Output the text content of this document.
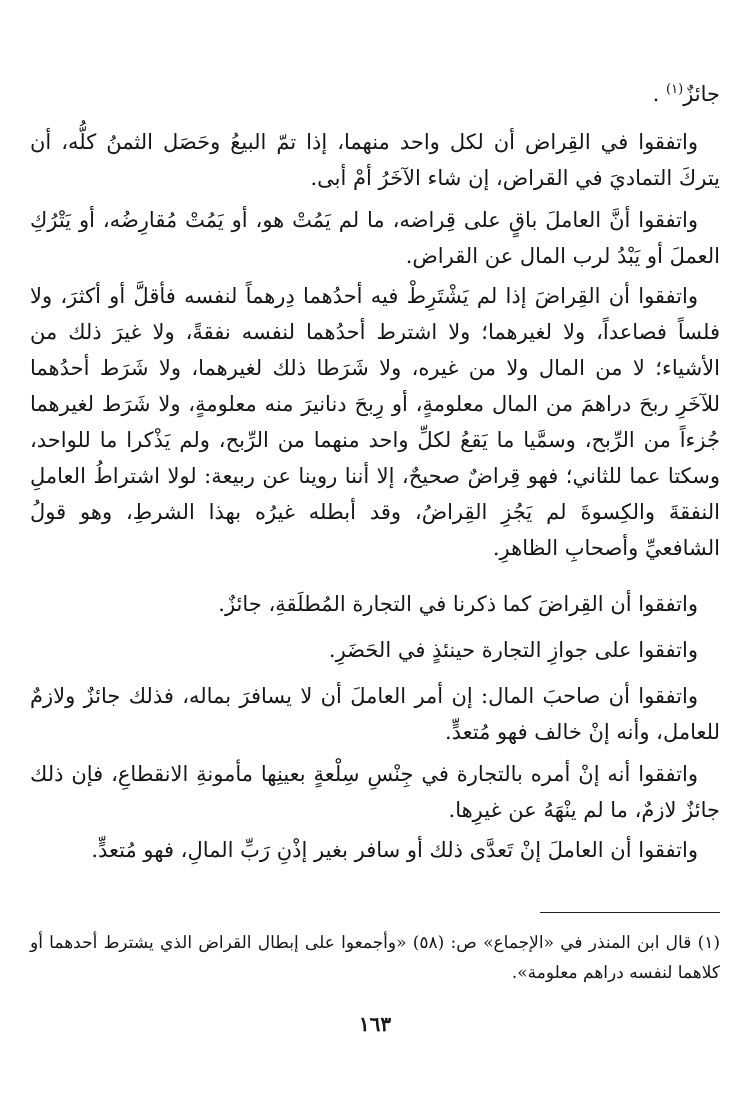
جائزٌ$^{(١)}$ .

واتفقوا في القِراض أن لكل واحد منهما، إذا تمّ البيعُ وحَصَل الثمنُ كلُّه، أن يتركَ التماديَ في القراض، إن شاء الآخَرُ أمْ أبى.

واتفقوا أنَّ العاملَ باقٍ على قِراضه، ما لم يَمُتْ هو، أو يَمُتْ مُقارِضُه، أو يَتْرُكِ العملَ أو يَبْدُ لرب المال عن القراض.

واتفقوا أن القِراضَ إذا لم يَشْتَرِطْ فيه أحدُهما دِرهماً لنفسه فأقلَّ أو أكثرَ، ولا فلساً فصاعداً، ولا لغيرهما؛ ولا اشترط أحدُهما لنفسه نفقةً، ولا غيرَ ذلك من الأشياء؛ لا من المال ولا من غيره، ولا شَرَطا ذلك لغيرهما، ولا شَرَط أحدُهما للآخَرِ ربحَ دراهمَ من المال معلومةٍ، أو رِبحَ دنانيرَ منه معلومةٍ، ولا شَرَط لغيرهما جُزءاً من الرِّبح، وسمَّيا ما يَقعُ لكلِّ واحد منهما من الرِّبح، ولم يَذْكرا ما للواحد، وسكتا عما للثاني؛ فهو قِراضٌ صحيحٌ، إلا أننا روينا عن ربيعة: لولا اشتراطُ العاملِ النفقةَ والكِسوةَ لم يَجُزِ القِراضُ، وقد أبطله غيرُه بهذا الشرطِ، وهو قولُ الشافعيِّ وأصحابِ الظاهرِ.

واتفقوا أن القِراضَ كما ذكرنا في التجارة المُطلَقةِ، جائزٌ.

واتفقوا على جوازِ التجارة حينئذٍ في الحَضَرِ.

واتفقوا أن صاحبَ المال: إن أمر العاملَ أن لا يسافرَ بماله، فذلك جائزٌ ولازمٌ للعامل، وأنه إنْ خالف فهو مُتعدٍّ.

واتفقوا أنه إنْ أمره بالتجارة في جِنْسِ سِلْعةٍ بعينِها مأمونةِ الانقطاعِ، فإن ذلك جائزٌ لازمٌ، ما لم ينْهَهُ عن غيرِها.

واتفقوا أن العاملَ إنْ تَعدَّى ذلك أو سافر بغير إذْنِ رَبِّ المالِ، فهو مُتعدٍّ.

(١) قال ابن المنذر في «الإجماع» ص: (٥٨) «وأجمعوا على إبطال القراض الذي يشترط أحدهما أو كلاهما لنفسه دراهم معلومة».

١٦٣
